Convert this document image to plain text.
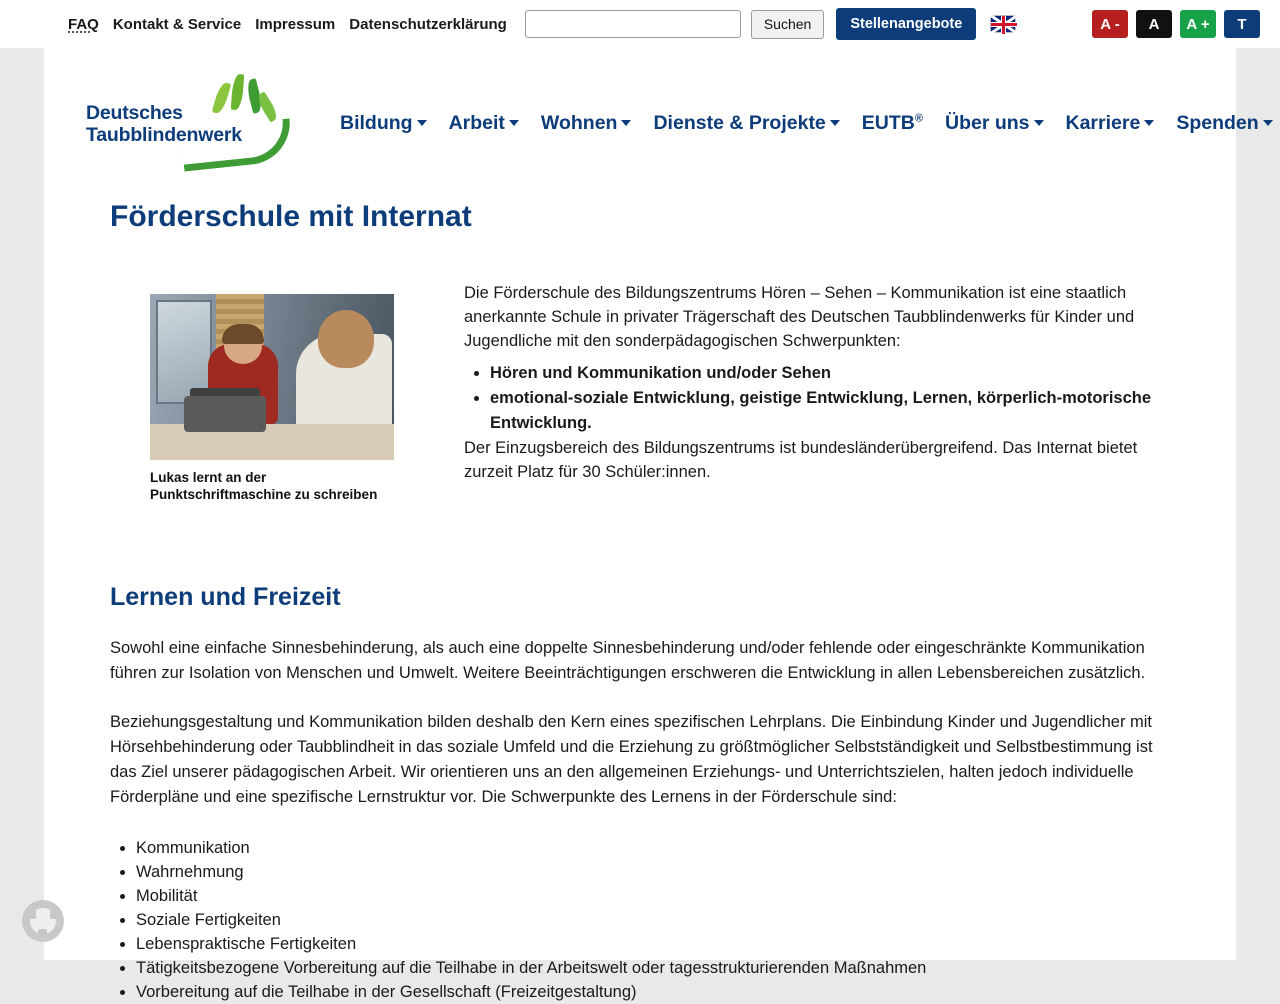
FAQ Kontakt & Service Impressum Datenschutzerklärung	Suchen	Stellenangebote	A -	A	A +	T
Deutsches
Taubblindenwerk
Bildung	Arbeit	Wohnen	Dienste & Projekte	EUTB® Über uns	Karriere	Spenden
Förderschule mit Internat
Lukas lernt an der Punktschriftmaschine zu schreiben

Die Förderschule des Bildungszentrums Hören – Sehen – Kommunikation ist eine staatlich anerkannte Schule in privater Trägerschaft des Deutschen Taubblindenwerks für Kinder und Jugendliche mit den sonderpädagogischen Schwerpunkten:

• Hören und Kommunikation und/oder Sehen
• emotional-soziale Entwicklung, geistige Entwicklung, Lernen, körperlich-motorische Entwicklung.

Der Einzugsbereich des Bildungszentrums ist bundesländerübergreifend. Das Internat bietet zurzeit Platz für 30 Schüler:innen.

Lernen und Freizeit

Sowohl eine einfache Sinnesbehinderung, als auch eine doppelte Sinnesbehinderung und/oder fehlende oder eingeschränkte Kommunikation führen zur Isolation von Menschen und Umwelt. Weitere Beeinträchtigungen erschweren die Entwicklung in allen Lebensbereichen zusätzlich.

Beziehungsgestaltung und Kommunikation bilden deshalb den Kern eines spezifischen Lehrplans. Die Einbindung Kinder und Jugendlicher mit Hörsehbehinderung oder Taubblindheit in das soziale Umfeld und die Erziehung zu größtmöglicher Selbstständigkeit und Selbstbestimmung ist das Ziel unserer pädagogischen Arbeit. Wir orientieren uns an den allgemeinen Erziehungs- und Unterrichtszielen, halten jedoch individuelle Förderpläne und eine spezifische Lernstruktur vor. Die Schwerpunkte des Lernens in der Förderschule sind:

• Kommunikation
• Wahrnehmung
• Mobilität
• Soziale Fertigkeiten
• Lebenspraktische Fertigkeiten
• Tätigkeitsbezogene Vorbereitung auf die Teilhabe in der Arbeitswelt oder tagesstrukturierenden Maßnahmen
• Vorbereitung auf die Teilhabe in der Gesellschaft (Freizeitgestaltung)
